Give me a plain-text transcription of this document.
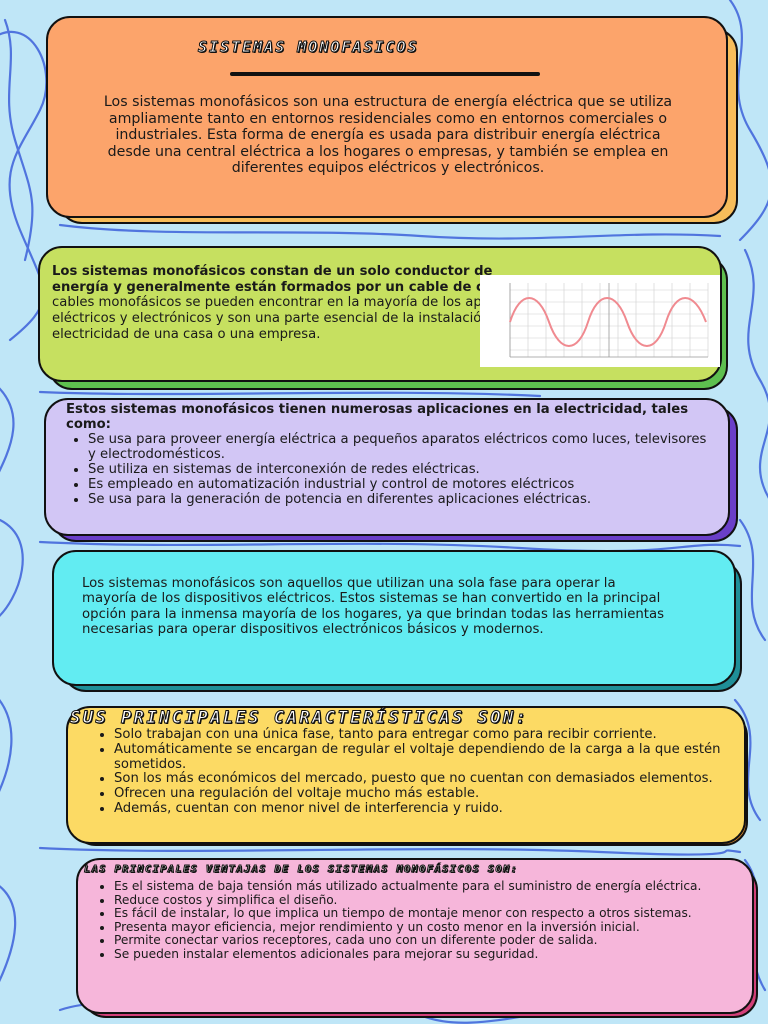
SISTEMAS MONOFASICOS

Los sistemas monofásicos son una estructura de energía eléctrica que se utiliza ampliamente tanto en entornos residenciales como en entornos comerciales o industriales. Esta forma de energía es usada para distribuir energía eléctrica desde una central eléctrica a los hogares o empresas, y también se emplea en diferentes equipos eléctricos y electrónicos.

Los sistemas monofásicos constan de un solo conductor de energía y generalmente están formados por un cable de cobre. Los cables monofásicos se pueden encontrar en la mayoría de los aparatos eléctricos y electrónicos y son una parte esencial de la instalación de electricidad de una casa o una empresa.

Estos sistemas monofásicos tienen numerosas aplicaciones en la electricidad, tales como:

• Se usa para proveer energía eléctrica a pequeños aparatos eléctricos como luces, televisores y electrodomésticos.
• Se utiliza en sistemas de interconexión de redes eléctricas.
• Es empleado en automatización industrial y control de motores eléctricos
• Se usa para la generación de potencia en diferentes aplicaciones eléctricas.

Los sistemas monofásicos son aquellos que utilizan una sola fase para operar la mayoría de los dispositivos eléctricos. Estos sistemas se han convertido en la principal opción para la inmensa mayoría de los hogares, ya que brindan todas las herramientas necesarias para operar dispositivos electrónicos básicos y modernos.

SUS PRINCIPALES CARACTERÍSTICAS SON:
• Solo trabajan con una única fase, tanto para entregar como para recibir corriente.
• Automáticamente se encargan de regular el voltaje dependiendo de la carga a la que estén sometidos.
• Son los más económicos del mercado, puesto que no cuentan con demasiados elementos.
• Ofrecen una regulación del voltaje mucho más estable.
• Además, cuentan con menor nivel de interferencia y ruido.
LAS PRINCIPALES VENTAJAS DE LOS SISTEMAS MONOFÁSICOS SON:
• Es el sistema de baja tensión más utilizado actualmente para el suministro de energía eléctrica.
• Reduce costos y simplifica el diseño.
• Es fácil de instalar, lo que implica un tiempo de montaje menor con respecto a otros sistemas.
• Presenta mayor eficiencia, mejor rendimiento y un costo menor en la inversión inicial.
• Permite conectar varios receptores, cada uno con un diferente poder de salida.
• Se pueden instalar elementos adicionales para mejorar su seguridad.
